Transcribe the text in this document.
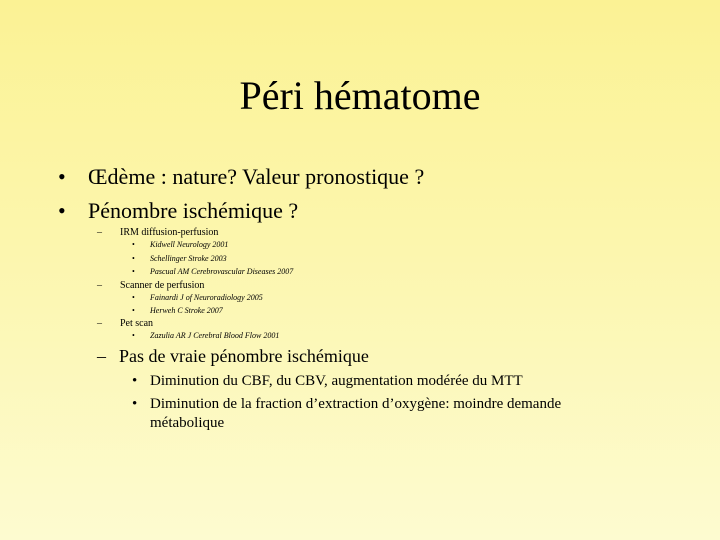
Péri hématome
• Œdème : nature? Valeur pronostique ?
• Pénombre ischémique ?
– IRM diffusion-perfusion
• Kidwell Neurology 2001
• Schellinger Stroke 2003
• Pascual AM Cerebrovascular Diseases 2007
– Scanner de perfusion
• Fainardi J of Neuroradiology 2005
• Herweh C Stroke 2007
– Pet scan
• Zazulia AR J Cerebral Blood Flow 2001
– Pas de vraie pénombre ischémique
• Diminution du CBF, du CBV, augmentation modérée du MTT
• Diminution de la fraction d’extraction d’oxygène: moindre demande
métabolique
